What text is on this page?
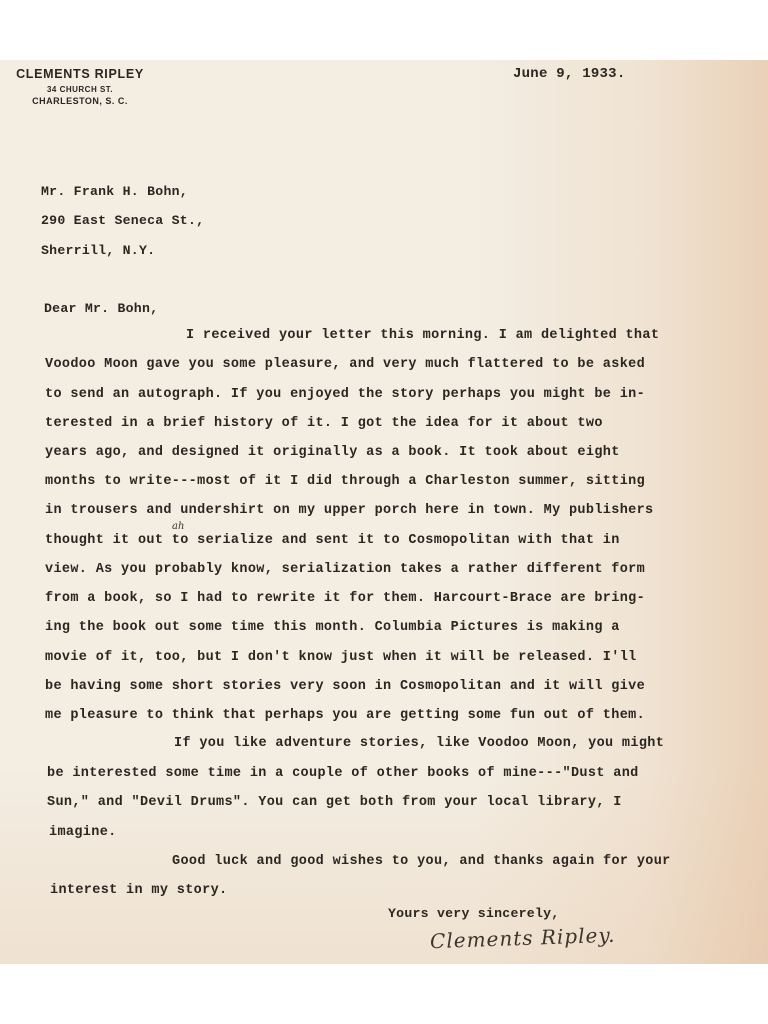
CLEMENTS RIPLEY
34 CHURCH ST.
CHARLESTON, S. C.
June 9, 1933.
Mr. Frank H. Bohn,
290 East Seneca St.,
Sherrill, N.Y.
Dear Mr. Bohn,
I received your letter this morning. I am delighted that
Voodoo Moon gave you some pleasure, and very much flattered to be asked
to send an autograph. If you enjoyed the story perhaps you might be in-
terested in a brief history of it. I got the idea for it about two
years ago, and designed it originally as a book. It took about eight
months to write---most of it I did through a Charleston summer, sitting
in trousers and undershirt on my upper porch here in town. My publishers
thought it out to serialize and sent it to Cosmopolitan with that in
view. As you probably know, serialization takes a rather different form
from a book, so I had to rewrite it for them. Harcourt-Brace are bring-
ing the book out some time this month. Columbia Pictures is making a
movie of it, too, but I don't know just when it will be released. I'll
be having some short stories very soon in Cosmopolitan and it will give
me pleasure to think that perhaps you are getting some fun out of them.
If you like adventure stories, like Voodoo Moon, you might
be interested some time in a couple of other books of mine---"Dust and
Sun," and "Devil Drums". You can get both from your local library, I
imagine.
Good luck and good wishes to you, and thanks again for your
interest in my story.
ah
Yours very sincerely,
Clements Ripley.
